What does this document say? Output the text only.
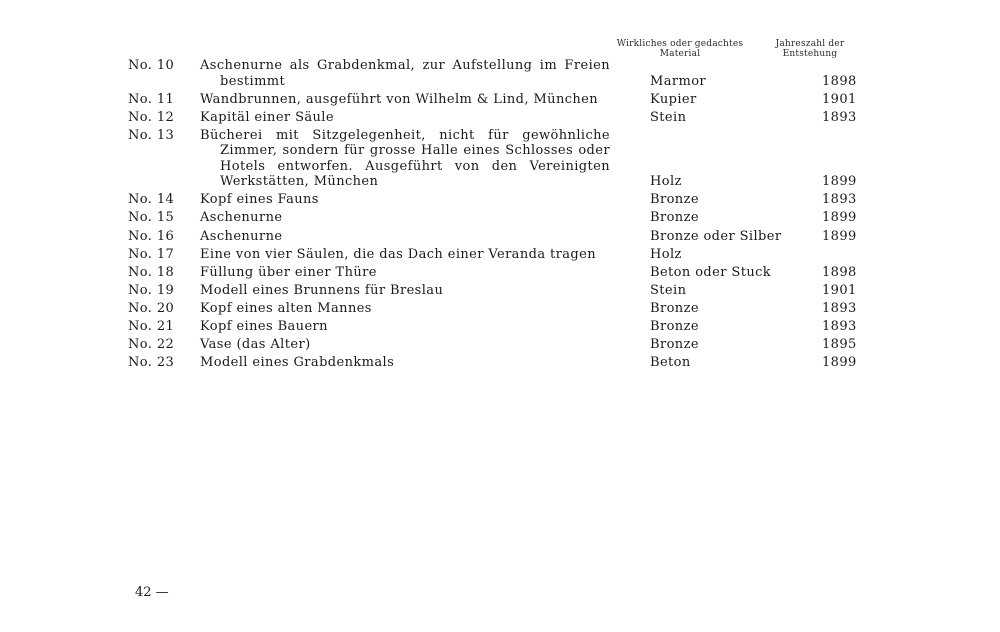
Wirkliches oder gedachtes Material
Jahreszahl der Entstehung
No. 10	Aschenurne als Grabdenkmal, zur Aufstellung im Freien bestimmt		Marmor	1898

No. 11	Wandbrunnen, ausgeführt von Wilhelm & Lind, München		Kupier	1901

No. 12	Kapitäl einer Säule		Stein	1893

No. 13	Bücherei mit Sitzgelegenheit, nicht für gewöhnliche Zimmer, sondern für grosse Halle eines Schlosses oder Hotels entworfen. Ausgeführt von den Vereinigten Werkstätten, München		Holz	1899

No. 14	Kopf eines Fauns		Bronze	1893

No. 15	Aschenurne		Bronze	1899

No. 16	Aschenurne		Bronze oder Silber	1899

No. 17	Eine von vier Säulen, die das Dach einer Veranda tragen		Holz	

No. 18	Füllung über einer Thüre		Beton oder Stuck	1898

No. 19	Modell eines Brunnens für Breslau		Stein	1901

No. 20	Kopf eines alten Mannes		Bronze	1893

No. 21	Kopf eines Bauern		Bronze	1893

No. 22	Vase (das Alter)		Bronze	1895

No. 23	Modell eines Grabdenkmals		Beton	1899
42 —
